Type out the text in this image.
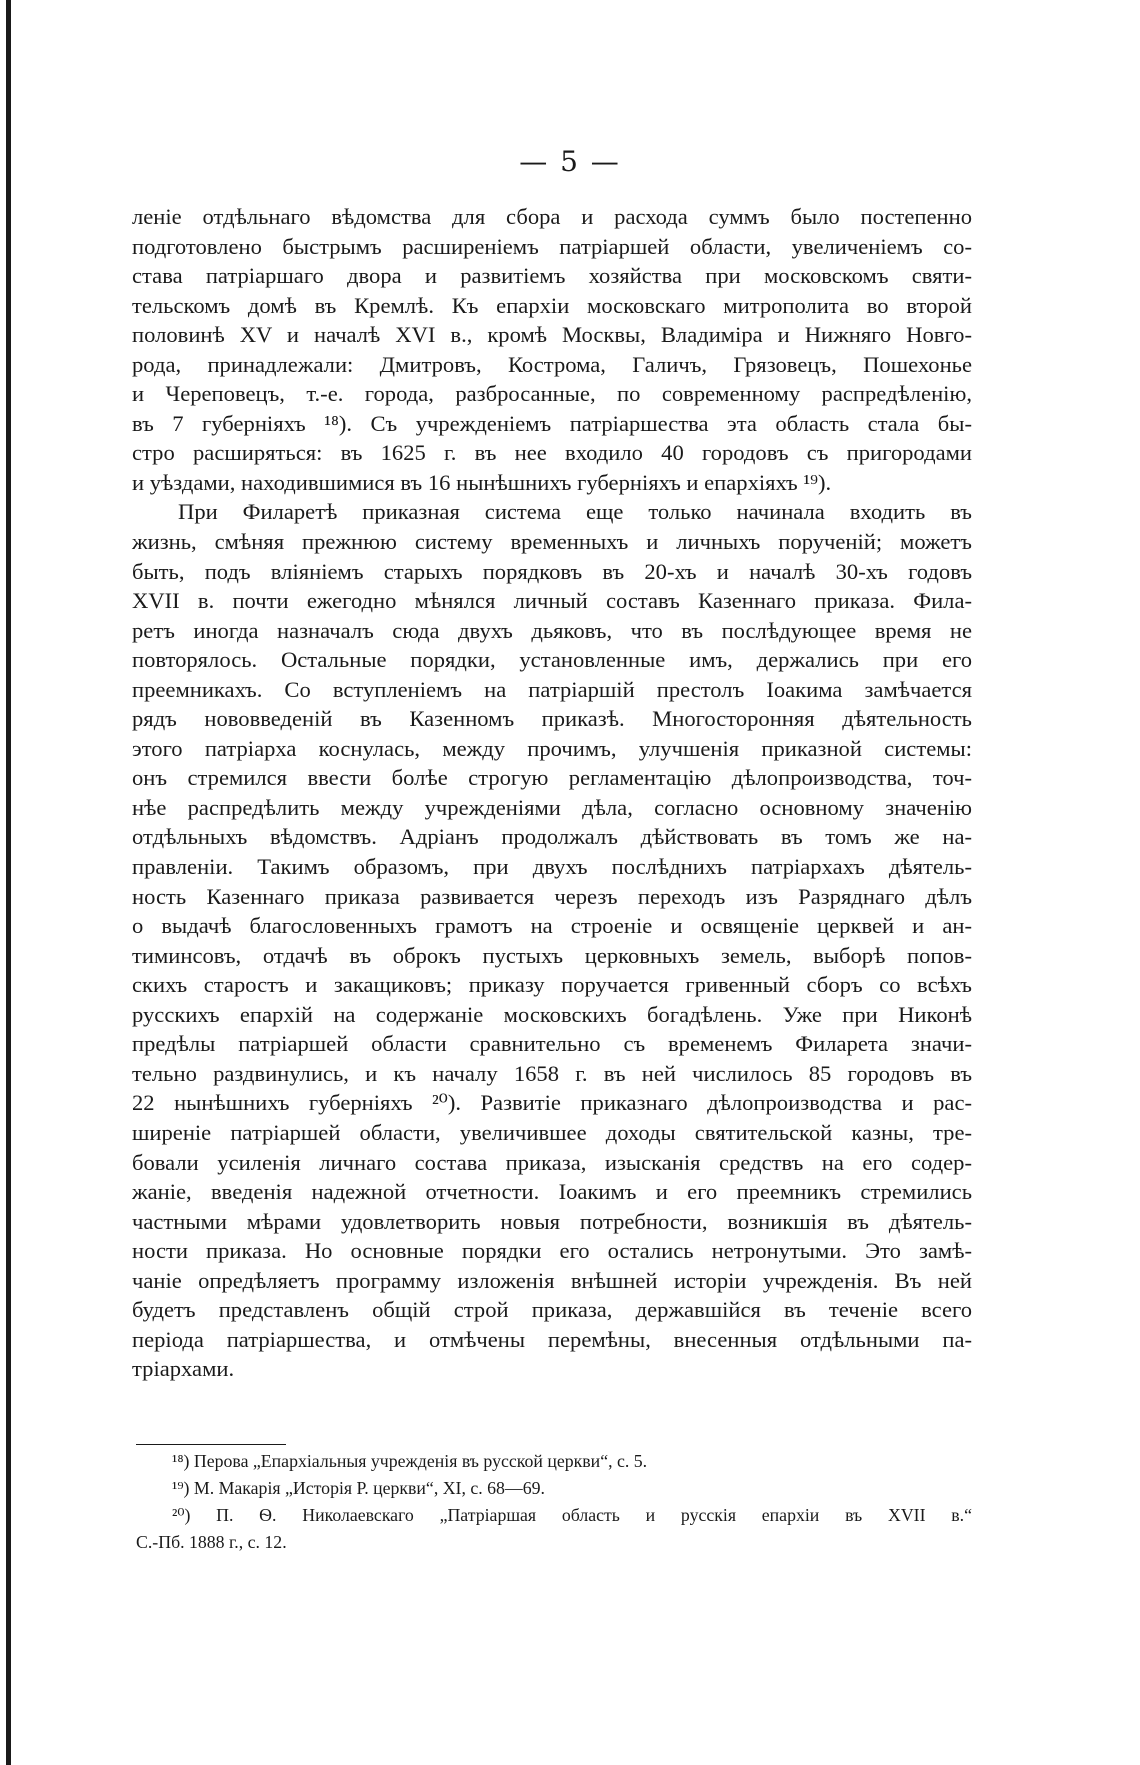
— 5 —
леніе отдѣльнаго вѣдомства для сбора и расхода суммъ было постепенно
подготовлено быстрымъ расширеніемъ патріаршей области, увеличеніемъ со-
става патріаршаго двора и развитіемъ хозяйства при московскомъ святи-
тельскомъ домѣ въ Кремлѣ. Къ епархіи московскаго митрополита во второй
половинѣ XV и началѣ XVI в., кромѣ Москвы, Владиміра и Нижняго Новго-
рода, принадлежали: Дмитровъ, Кострома, Галичъ, Грязовецъ, Пошехонье
и Череповецъ, т.-е. города, разбросанные, по современному распредѣленію,
въ 7 губерніяхъ ¹⁸). Съ учрежденіемъ патріаршества эта область стала бы-
стро расширяться: въ 1625 г. въ нее входило 40 городовъ съ пригородами
и уѣздами, находившимися въ 16 нынѣшнихъ губерніяхъ и епархіяхъ ¹⁹).
При Филаретѣ приказная система еще только начинала входить въ
жизнь, смѣняя прежнюю систему временныхъ и личныхъ порученій; можетъ
быть, подъ вліяніемъ старыхъ порядковъ въ 20-хъ и началѣ 30-хъ годовъ
XVII в. почти ежегодно мѣнялся личный составъ Казеннаго приказа. Фила-
ретъ иногда назначалъ сюда двухъ дьяковъ, что въ послѣдующее время не
повторялось. Остальные порядки, установленные имъ, держались при его
преемникахъ. Со вступленіемъ на патріаршій престолъ Іоакима замѣчается
рядъ нововведеній въ Казенномъ приказѣ. Многосторонняя дѣятельность
этого патріарха коснулась, между прочимъ, улучшенія приказной системы:
онъ стремился ввести болѣе строгую регламентацію дѣлопроизводства, точ-
нѣе распредѣлить между учрежденіями дѣла, согласно основному значенію
отдѣльныхъ вѣдомствъ. Адріанъ продолжалъ дѣйствовать въ томъ же на-
правленіи. Такимъ образомъ, при двухъ послѣднихъ патріархахъ дѣятель-
ность Казеннаго приказа развивается черезъ переходъ изъ Разряднаго дѣлъ
о выдачѣ благословенныхъ грамотъ на строеніе и освященіе церквей и ан-
тиминсовъ, отдачѣ въ оброкъ пустыхъ церковныхъ земель, выборѣ попов-
скихъ старостъ и закащиковъ; приказу поручается гривенный сборъ со всѣхъ
русскихъ епархій на содержаніе московскихъ богадѣлень. Уже при Никонѣ
предѣлы патріаршей области сравнительно съ временемъ Филарета значи-
тельно раздвинулись, и къ началу 1658 г. въ ней числилось 85 городовъ въ
22 нынѣшнихъ губерніяхъ ²⁰). Развитіе приказнаго дѣлопроизводства и рас-
ширеніе патріаршей области, увеличившее доходы святительской казны, тре-
бовали усиленія личнаго состава приказа, изысканія средствъ на его содер-
жаніе, введенія надежной отчетности. Іоакимъ и его преемникъ стремились
частными мѣрами удовлетворить новыя потребности, возникшія въ дѣятель-
ности приказа. Но основные порядки его остались нетронутыми. Это замѣ-
чаніе опредѣляетъ программу изложенія внѣшней исторіи учрежденія. Въ ней
будетъ представленъ общій строй приказа, державшійся въ теченіе всего
періода патріаршества, и отмѣчены перемѣны, внесенныя отдѣльными па-
тріархами.
¹⁸) Перова „Епархіальныя учрежденія въ русской церкви“, с. 5.
¹⁹) М. Макарія „Исторія Р. церкви“, XI, с. 68—69.
²⁰) П. Ѳ. Николаевскаго „Патріаршая область и русскія епархіи въ XVII в.“
С.-Пб. 1888 г., с. 12.
